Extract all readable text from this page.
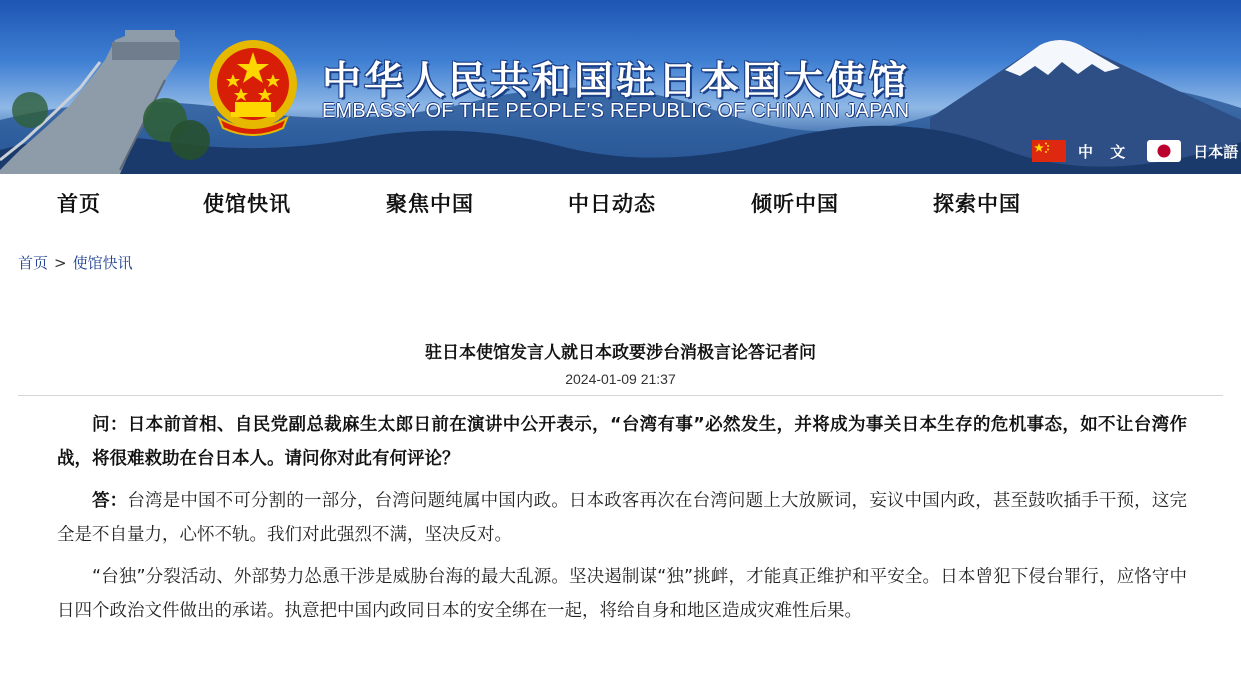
中华人民共和国驻日本国大使馆
EMBASSY OF THE PEOPLE'S REPUBLIC OF CHINA IN JAPAN
中 文	日本語
首页	使馆快讯	聚焦中国	中日动态	倾听中国	探索中国
首页 > 使馆快讯
驻日本使馆发言人就日本政要涉台消极言论答记者问
2024-01-09 21:37

问：日本前首相、自民党副总裁麻生太郎日前在演讲中公开表示，“台湾有事”必然发生，并将成为事关日本生存的危机事态，如不让台湾作战，将很难救助在台日本人。请问你对此有何评论？

答：台湾是中国不可分割的一部分，台湾问题纯属中国内政。日本政客再次在台湾问题上大放厥词，妄议中国内政，甚至鼓吹插手干预，这完全是不自量力，心怀不轨。我们对此强烈不满，坚决反对。

“台独”分裂活动、外部势力怂恿干涉是威胁台海的最大乱源。坚决遏制谋“独”挑衅，才能真正维护和平安全。日本曾犯下侵台罪行，应恪守中日四个政治文件做出的承诺。执意把中国内政同日本的安全绑在一起，将给自身和地区造成灾难性后果。
